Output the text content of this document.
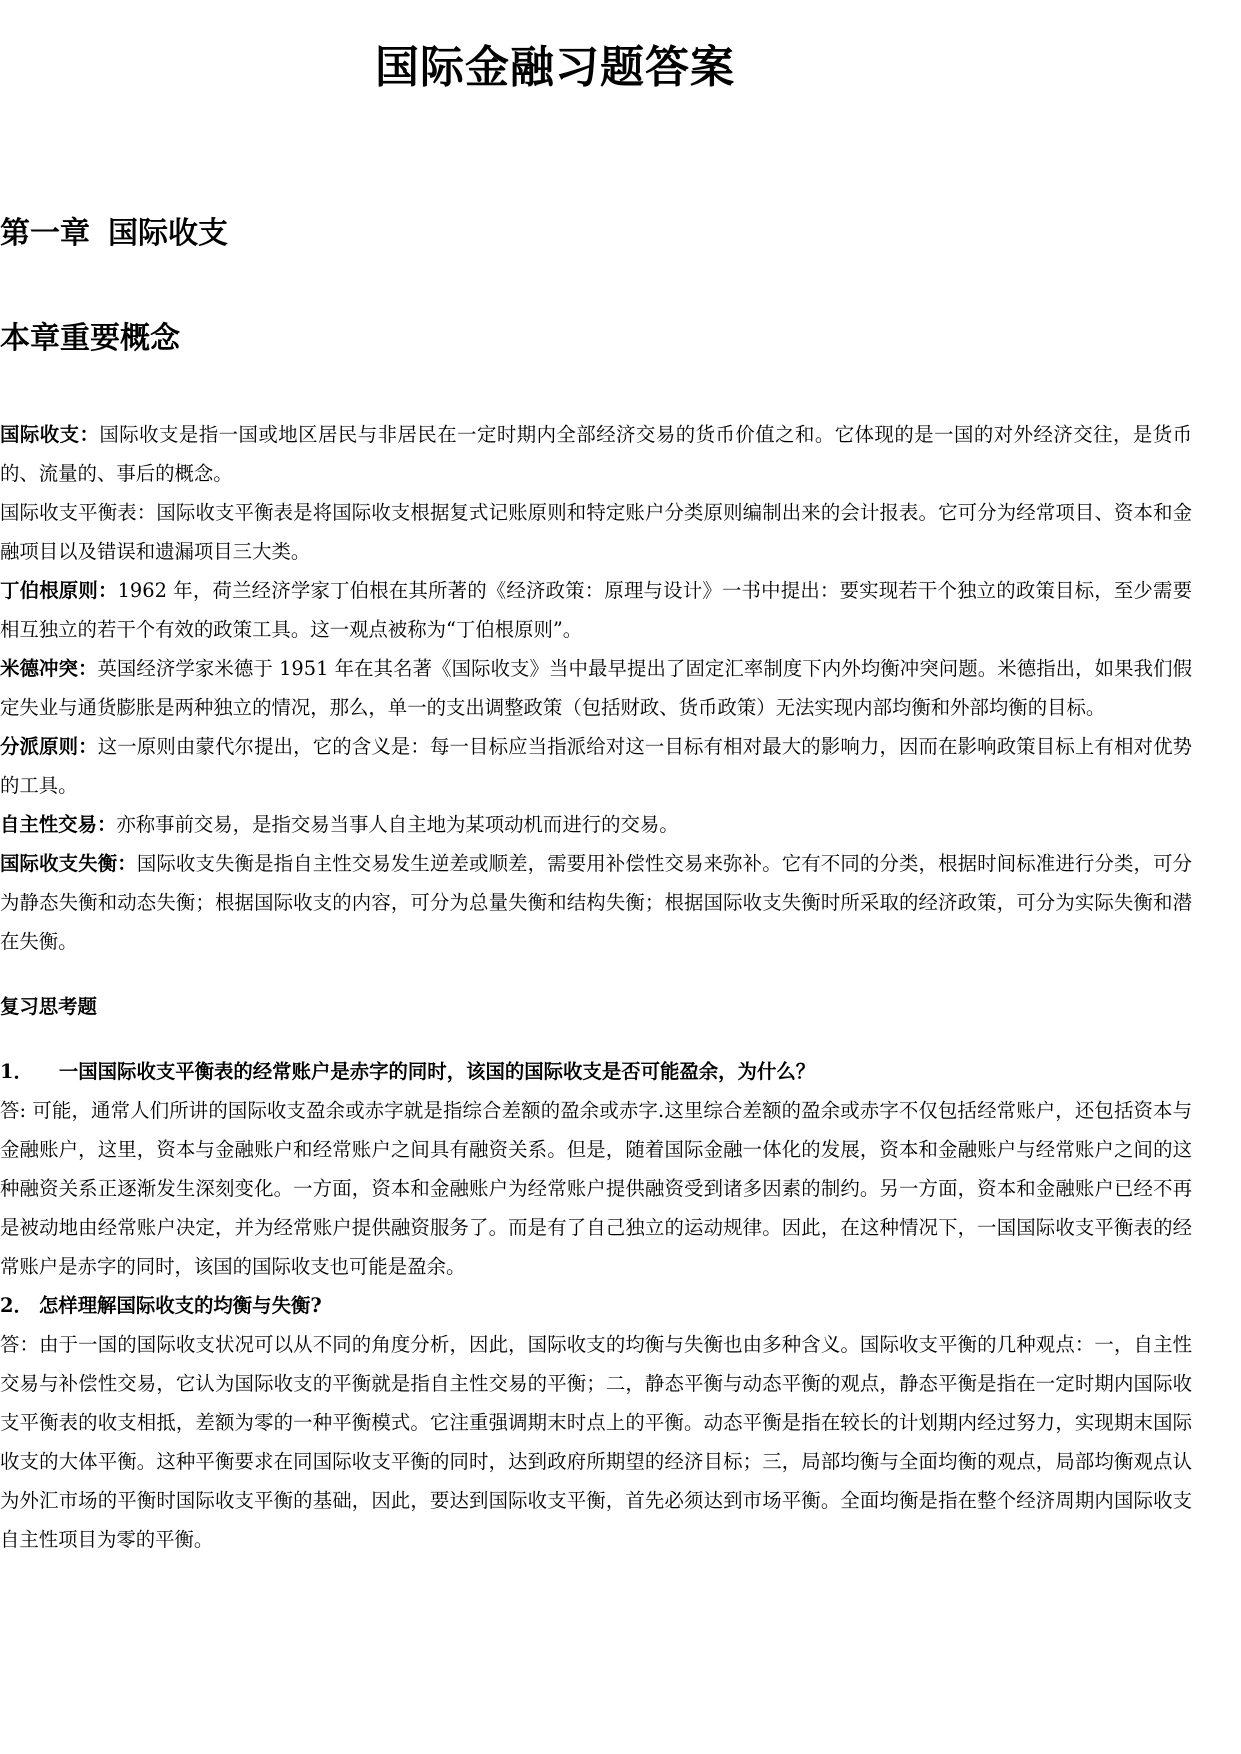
国际金融习题答案
第一章 国际收支
本章重要概念

国际收支：国际收支是指一国或地区居民与非居民在一定时期内全部经济交易的货币价值之和。它体现的是一国的对外经济交往，是货币的、流量的、事后的概念。

国际收支平衡表：国际收支平衡表是将国际收支根据复式记账原则和特定账户分类原则编制出来的会计报表。它可分为经常项目、资本和金融项目以及错误和遗漏项目三大类。

丁伯根原则：1962 年，荷兰经济学家丁伯根在其所著的《经济政策：原理与设计》一书中提出：要实现若干个独立的政策目标，至少需要相互独立的若干个有效的政策工具。这一观点被称为“丁伯根原则”。

米德冲突：英国经济学家米德于 1951 年在其名著《国际收支》当中最早提出了固定汇率制度下内外均衡冲突问题。米德指出，如果我们假定失业与通货膨胀是两种独立的情况，那么，单一的支出调整政策（包括财政、货币政策）无法实现内部均衡和外部均衡的目标。

分派原则：这一原则由蒙代尔提出，它的含义是：每一目标应当指派给对这一目标有相对最大的影响力，因而在影响政策目标上有相对优势的工具。

自主性交易：亦称事前交易，是指交易当事人自主地为某项动机而进行的交易。

国际收支失衡：国际收支失衡是指自主性交易发生逆差或顺差，需要用补偿性交易来弥补。它有不同的分类，根据时间标准进行分类，可分为静态失衡和动态失衡；根据国际收支的内容，可分为总量失衡和结构失衡；根据国际收支失衡时所采取的经济政策，可分为实际失衡和潜在失衡。

复习思考题

1． 一国国际收支平衡表的经常账户是赤字的同时，该国的国际收支是否可能盈余，为什么？

答: 可能，通常人们所讲的国际收支盈余或赤字就是指综合差额的盈余或赤字.这里综合差额的盈余或赤字不仅包括经常账户，还包括资本与金融账户，这里，资本与金融账户和经常账户之间具有融资关系。但是，随着国际金融一体化的发展，资本和金融账户与经常账户之间的这种融资关系正逐渐发生深刻变化。一方面，资本和金融账户为经常账户提供融资受到诸多因素的制约。另一方面，资本和金融账户已经不再是被动地由经常账户决定，并为经常账户提供融资服务了。而是有了自己独立的运动规律。因此，在这种情况下，一国国际收支平衡表的经常账户是赤字的同时，该国的国际收支也可能是盈余。

2． 怎样理解国际收支的均衡与失衡?

答：由于一国的国际收支状况可以从不同的角度分析，因此，国际收支的均衡与失衡也由多种含义。国际收支平衡的几种观点：一，自主性交易与补偿性交易，它认为国际收支的平衡就是指自主性交易的平衡；二，静态平衡与动态平衡的观点，静态平衡是指在一定时期内国际收支平衡表的收支相抵，差额为零的一种平衡模式。它注重强调期末时点上的平衡。动态平衡是指在较长的计划期内经过努力，实现期末国际收支的大体平衡。这种平衡要求在同国际收支平衡的同时，达到政府所期望的经济目标；三，局部均衡与全面均衡的观点，局部均衡观点认为外汇市场的平衡时国际收支平衡的基础，因此，要达到国际收支平衡，首先必须达到市场平衡。全面均衡是指在整个经济周期内国际收支自主性项目为零的平衡。
